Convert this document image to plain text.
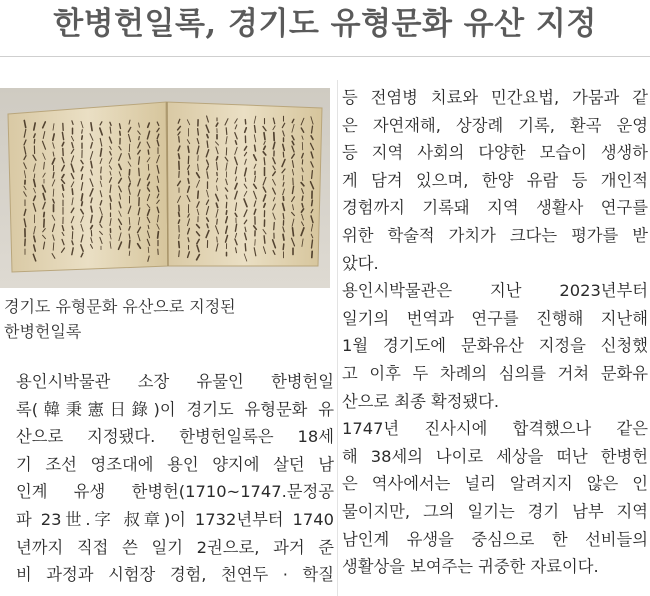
한병헌일록, 경기도 유형문화 유산 지정

경기도 유형문화 유산으로 지정된
한병헌일록

용인시박물관 소장 유물인 한병헌일
록(韓秉憲日錄)이 경기도 유형문화 유
산으로 지정됐다. 한병헌일록은 18세
기 조선 영조대에 용인 양지에 살던 남
인계 유생 한병헌(1710~1747.문정공
파 23世.字 叔章)이 1732년부터 1740
년까지 직접 쓴 일기 2권으로, 과거 준
비 과정과 시험장 경험, 천연두 · 학질
등 전염병 치료와 민간요법, 가뭄과 같
은 자연재해, 상장례 기록, 환곡 운영
등 지역 사회의 다양한 모습이 생생하
게 담겨 있으며, 한양 유람 등 개인적
경험까지 기록돼 지역 생활사 연구를
위한 학술적 가치가 크다는 평가를 받
았다.
용인시박물관은 지난 2023년부터
일기의 번역과 연구를 진행해 지난해
1월 경기도에 문화유산 지정을 신청했
고 이후 두 차례의 심의를 거쳐 문화유
산으로 최종 확정됐다.
1747년 진사시에 합격했으나 같은
해 38세의 나이로 세상을 떠난 한병헌
은 역사에서는 널리 알려지지 않은 인
물이지만, 그의 일기는 경기 남부 지역
남인계 유생을 중심으로 한 선비들의
생활상을 보여주는 귀중한 자료이다.
